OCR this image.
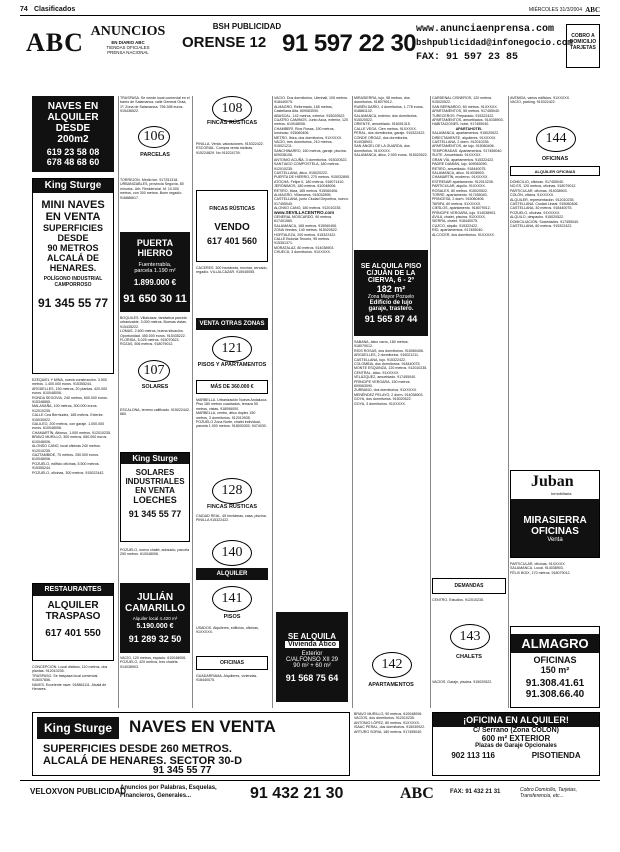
74 Clasificados	MIÉRCOLES 31/3/2004 ABC
ABC ANUNCIOS
EN DIARIO ABC
TIENDAS OFICIALES
PRENSA NACIONAL
BSH PUBLICIDAD
ORENSE 12 91 597 22 30
www.anunciaenprensa.com
bshpublicidad@infonegocio.com
FAX: 91 597 23 85
COBRO A DOMICILIO TARJETAS
NAVES EN
ALQUILER
DESDE
200m2
619 23 58 08
678 48 68 60
King Sturge
MINI NAVES
EN VENTA
SUPERFICIES
DESDE
90 METROS
ALCALÁ DE
HENARES.
POLÍGONO INDUSTRIAL
CAMPORROSO
91 345 55 77
EZEQUIEL Y MINA, nueva construcción. 3.500 metros. 1.400.000 euros. 915355244.
ARGÜELLES, 150 metros, 20 plantas. 420.000 euros. 610048006.
RONDA SEGOVIA, 240 metros, 600.000 euros. 915348855.
MALASAÑA, 100 metros, 300.000 euros. 912010235.
CALLE Cea Bermúdez, 185 metros. Exterior. 915030922.
GALILEO, 200 metros, con garaje. 1.000.000 euros. 610048006.
CHAMARTÍN, Alfonso, 1.000 metros. 912010235.
BRAVO MURILLO, 300 metros, 650.000 euros. 610048006.
ALONSO CANO, local oficinas 240 metros. 912010235.
GAZTAMBIDE, 70 metros. 250.000 euros. 610048006.
POZUELO, edificio oficinas, 5.500 metros. 915355244.
POZUELO, oficinas, 300 metros. 915022442.
RESTAURANTES
ALQUILER
TRASPASO
617 401 550
CONCEPCIÓN. Local diáfano, 110 metros, dos plantas. 912010235.
TRASPASO. Se traspasa local comercial. 915007856.
NAVES. Excelente nave. 918861111. Alcalá de Henares.
TRASPASA. Se vende local comercial en el barrio de Salamanca, calle General Oráa, 1º. Zona de Salamanca. 756.398 euros. 915436522.
106
PARCELAS
TORREJÓN. Medio km. 917251318.
URBANIZABLES, provincia Segovia, 80 minutos. Urb. Residencial. M. 10.000 metros, con 300 metros. Buen regadío. 916886617.
PUERTA HIERRO
Fuenterrabía,
parcela 1.190 m²
1.899.000 €
91 650 30 11
BOQUILES. Villalcázar, fantástica parcela urbanizable. 3.000 metros. Buenas vistas. 915435222.
LOMAS. 2.600 metros, buena situación. Oportunidad. 450.000 euros. 915435222.
FLORIDA, 5.025 metros. 915070623.
ROZAS, 506 metros. 918079012.
107
SOLARES
ESCALONA, terreno calificado. 915022442. 660.
King Sturge
SOLARES
INDUSTRIALES
EN VENTA
LOECHES
91 345 55 77
POZUELO, nuevo chalet, adosado, parcela 250 metros. 610048006.
JULIÁN
CAMARILLO
Alquiler local 4.420 m²
5.190.000 €
91 289 32 50
VACÍO, 120 metros, espacio. 610048006.
POZUELO, 420 metros, tres chalets. 914038903.
108
FINCAS RÚSTICAS
PINILLA. Venta, valoraciones. 915322422.
ESCORIAL. Compra venta rústicas. 915224829. No 915224739.
FINCAS RÚSTICAS
VENDO
617 401 560
CÁCERES. 300 hectáreas, encinar, cercado, regadío. VILLALCÁZAR. 915045055.
VENTA OTRAS ZONAS
121
PISOS Y APARTAMENTOS
MÁS DE 360.000 €
MARBELLA. Urbanización Nueva Andalucía. Piso 180 metros cuadrados, terraza 50 metros, vistas. 918096000.
MARBELLA, centro, ático duplex 150 metros, 3 dormitorios. 912010935.
POZUELO Zona Norte, chalet individual, parcela 1.000 metros. 918000300. 9474030.
128
FINCAS RÚSTICAS
CIUDAD REAL. 45 hectáreas, casa, piscina. PINILLA 915322422.
140
ALQUILER
141
PISOS
USADOS. Alquileres, edificios, oficinas, 91XXXXX.
OFICINAS
GUADARRAMA. Alquileres, viviendas. 918440075.
VACIO. Dos dormitorios, Ulenhall, 105 metros. 918440075.
ALMAGRO. Reformado, 165 metros, Castellana Alta. 609063090.
ABASCAL. 142 metros, exterior. 915020522.
CUATRO CAMINOS. Junto Azca, exterior, 120 metros. 610048006.
CHAMBERÍ, Ríos Rosas, 150 metros, luminoso. 915060406.
METRO. Ibiza, dos dormitorios, 91XXXXX.
VACÍO, tres dormitorios, 210 metros. 915021211.
SANCHINARRO, 160 metros, garaje, piscina. 609038106.
ANTONIO ACUÑA, 3 dormitorios. 915020522.
SANTIAGO COMPOSTELA, 180 metros. 912010235.
CASTELLANA, ático. 915020222.
PUERTA DE HIERRO, 270 metros. 915032895.
ATOCHA. Felipe II, 180 metros. 916071410.
JERÓNIMOS, 180 metros. 610048006.
RETIRO, Ibiza, 165 metros. 915060406.
ALMAGRO. Villanueva. 915032895.
CASTELLANA, junto Ciudad Deportiva, nuevo. 917455040.
ALONSO CANO, 180 metros. 912010235.
www.SEVILLACENTRO.com
GENERAL MOSCARDÓ, 90 metros. 617401560.
SALAMANCA, 165 metros. 915060406.
ZONA Veedes, 140 metros. 915020522.
HORTALEZA, 200 metros. 915322422.
CALLE Bolonia Tenorio, 95 metros. 915351371.
MORATALAZ, 80 metros. 914038903.
CHUECA, 3 dormitorios. 91XXXXX.
SE ALQUILA
Vivienda Ático
Exterior
C/ALFONSO XII 29
90 m² + 60 m²
91 568 75 64
MIRASIERRA, lujo, 98 metros, dos dormitorios. 918079012.
RUBÉN DARÍO, 4 dormitorios, 1.778 euros. 918881102.
SALAMANCA, exterior, dos dormitorios. 915020522.
ORIENTE, amueblado. 916091315.
CALLE VEGA. Cien metros. 91XXXXX.
PERAL, dos dormitorios, garaje. 915322422.
CONDE ORGAZ, dos dormitorios. 914038903.
SAN ÁNGEL DE LA GUARDA, dos dormitorios. 91XXXXX.
SALAMANCA, ático, 2.000 euros. 915020522.
SE ALQUILA PISO
C/JUAN DE LA
CIERVA, 6 - 2º
182 m²
Zona Mayor Pozuelo
Edificio de lujo
garaje, trastero.
91 565 87 44
SABANA, ático vacío, 180 metros. 918079012.
RÍOS ROSAS, dos dormitorios. 915060406.
ARGÜELLES, 2 dormitorios. 915021211.
CASTELLANA, lujo. 915322422.
COLOMBIA, dos dormitorios. 918440075.
MONTE ESQUINZA, 120 metros. 912010235.
CENTRAL, ático. 91XXXXX.
VELÁZQUEZ, amueblado. 917455040.
PRÍNCIPE VERGARA, 150 metros. 609063090.
ZURBANO, dos dormitorios. 91XXXXX.
MENÉNDEZ PELAYO, 2 dorm. 914038903.
GOYA, dos dormitorios. 915020522.
GOYA, 3 dormitorios. 91XXXXX.
142
APARTAMENTOS
CARDENAL CISNEROS, 120 metros. 915020522.
SAN BERNARDO, 60 metros. 91XXXXX.
APARTAMENTOS, 55 metros. 917455040.
TURECEROS. Preparado. 915322422.
APARTAMENTOS, amueblados. 914038903.
HABITACIONES, hotel. 917455040.
APARTAHOTEL
SALAMANCA, apartamentos. 915020522.
DIRECTAMENTE, alquileres. 91XXXXX.
CASTELLANA, 2 dorm. 912010235.
APARTAMENTOS, de lujo. 915060406.
TEMPORADAS. Apartamentos. 917455040.
SUITE. Amueblado. 91XXXXX.
GRAN VÍA, apartamentos. 915322422.
PADRE DAMIÁN, lujo. 609063090.
RETIRO, amueblado. 918440075.
SALAMANCA, ático. 914038903.
CHAMARTÍN, moderno. 91XXXXX.
ESTRENAR apartamento. 912010235.
PARTICULAR, alquilo. 91XXXXX.
ROSALES, 80 metros. 915020522.
TORRE, apartamento. 917455040.
PRINCESA, 2 dorm. 915060406.
TARIFA, 60 metros. 91XXXXX.
CIESLOS, apartamento. 918079012.
PRÍNCIPE VERGARA, lujo. 914038903.
ÁVILA, chalet, piscina. 91XXXXX.
SIERRA, chalet. 918440075.
CUZCO, alquilo. 915322422.
RÍO, apartamentos. 917455040.
ALCOCER, dos dormitorios. 91XXXXX.
DEMANDAS
CENTRO. Estudios. 912010235.
143
CHALETS
VACÍOS. Garaje, piscina. 915020522.
AVENIDA, varios edificios. 91XXXXX.
VACÍO, parking. 915322422.
144
OFICINAS
ALQUILER OFICINAS
DOMICILIO, oficinas. 917455040.
NO ES, 120 metros, oficinas. 918079012.
PARTICULAR, oficinas. 914038903.
COLÓN, oficina. 91XXXXX.
ALQUILER, representación. 912010235.
CASTELLANA. Ciudad Lineal. 915060406.
CASTELLANA, 30 metros. 918440075.
POZUELO, oficinas. 91XXXXX.
ALQUILO, despacho. 915020522.
DOMICILIACIÓN. Sociedades. 917455040.
CASTELLANA, 60 metros. 915322422.
Juban
Inmobiliaria
MIRASIERRA
OFICINAS
Venta
PARTICULAR, oficinas. 91XXXXX.
SALAMANCA. Local. 914038903.
FÉLIX BOIX, 170 metros. 918079012.
ALMAGRO
OFICINAS
150 m²
91.308.41.61
91.308.66.40
King Sturge	NAVES EN VENTA
SUPERFICIES DESDE 260 METROS.
ALCALÁ DE HENARES. SECTOR 30-D
91 345 55 77
¡OFICINA EN ALQUILER!
C/ Serrano (Zona COLÓN)
600 m² EXTERIOR
Plazas de Garaje Opcionales
902 113 116	PISOTIENDA
BRAVO MURILLO, 90 metros. 610048006.
VACÍOS, dos dormitorios. 912010235.
ANTONIO LÓPEZ, 80 metros. 91XXXXX.
ISAAC PERAL, dos dormitorios. 915030922.
ARTURO SORIA, 180 metros. 917455040.
VELOXVON PUBLICIDAD
Anuncios por Palabras, Esquelas,
Financieros, Generales...	91 432 21 30	ABC	FAX: 91 432 21 31	Cobro Domicilio, Tarjetas, Transferencia, etc...
